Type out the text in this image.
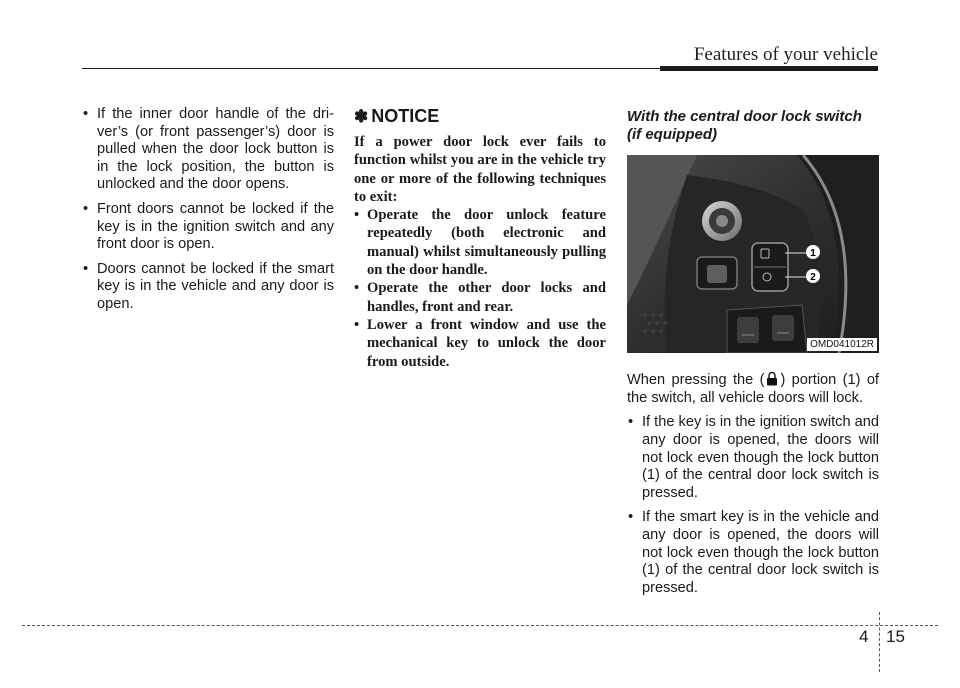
Features of your vehicle
• If the inner door handle of the dri-ver’s (or front passenger’s) door is pulled when the door lock button is in the lock position, the button is unlocked and the door opens.
• Front doors cannot be locked if the key is in the ignition switch and any front door is open.
• Doors cannot be locked if the smart key is in the vehicle and any door is open.
✽ NOTICE
If a power door lock ever fails to function whilst you are in the vehicle try one or more of the following techniques to exit:
• Operate the door unlock feature repeatedly (both electronic and manual) whilst simultaneously pulling on the door handle.
• Operate the other door locks and handles, front and rear.
• Lower a front window and use the mechanical key to unlock the door from outside.
With the central door lock switch (if equipped)
1
2
OMD041012R
When pressing the ( ) portion (1) of the switch, all vehicle doors will lock.
• If the key is in the ignition switch and any door is opened, the doors will not lock even though the lock button (1) of the central door lock switch is pressed.
• If the smart key is in the vehicle and any door is opened, the doors will not lock even though the lock button (1) of the central door lock switch is pressed.
4 15
